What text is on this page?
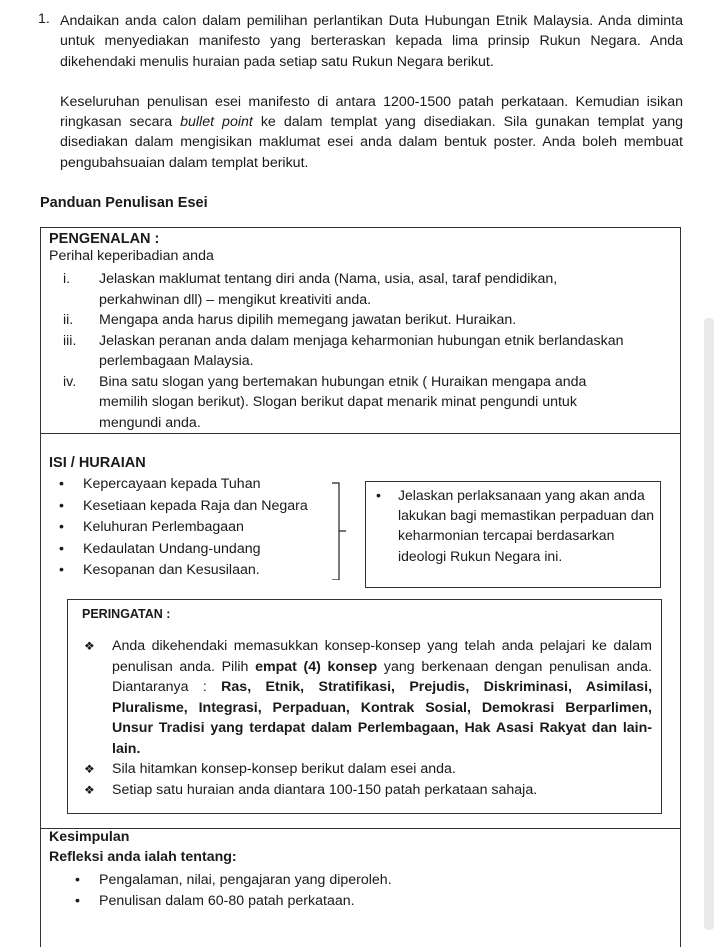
1. Andaikan anda calon dalam pemilihan perlantikan Duta Hubungan Etnik Malaysia. Anda diminta untuk menyediakan manifesto yang berteraskan kepada lima prinsip Rukun Negara. Anda dikehendaki menulis huraian pada setiap satu Rukun Negara berikut.

Keseluruhan penulisan esei manifesto di antara 1200-1500 patah perkataan. Kemudian isikan ringkasan secara bullet point ke dalam templat yang disediakan. Sila gunakan templat yang disediakan dalam mengisikan maklumat esei anda dalam bentuk poster. Anda boleh membuat pengubahsuaian dalam templat berikut.

Panduan Penulisan Esei
PENGENALAN :
Perihal keperibadian anda
i.	Jelaskan maklumat tentang diri anda (Nama, usia, asal, taraf pendidikan,
perkahwinan dll) – mengikut kreativiti anda.
ii.	Mengapa anda harus dipilih memegang jawatan berikut. Huraikan.
iii.	Jelaskan peranan anda dalam menjaga keharmonian hubungan etnik berlandaskan
perlembagaan Malaysia.
iv.	Bina satu slogan yang bertemakan hubungan etnik ( Huraikan mengapa anda
memilih slogan berikut). Slogan berikut dapat menarik minat pengundi untuk
mengundi anda.
ISI / HURAIAN
• Kepercayaan kepada Tuhan
• Kesetiaan kepada Raja dan Negara
• Keluhuran Perlembagaan
• Kedaulatan Undang-undang
• Kesopanan dan Kesusilaan.
• Jelaskan perlaksanaan yang akan anda lakukan bagi memastikan perpaduan dan keharmonian tercapai berdasarkan ideologi Rukun Negara ini.
PERINGATAN :
❖ Anda dikehendaki memasukkan konsep-konsep yang telah anda pelajari ke dalam penulisan anda. Pilih empat (4) konsep yang berkenaan dengan penulisan anda. Diantaranya : Ras, Etnik, Stratifikasi, Prejudis, Diskriminasi, Asimilasi, Pluralisme, Integrasi, Perpaduan, Kontrak Sosial, Demokrasi Berparlimen, Unsur Tradisi yang terdapat dalam Perlembagaan, Hak Asasi Rakyat dan lain-lain.
❖ Sila hitamkan konsep-konsep berikut dalam esei anda.
❖ Setiap satu huraian anda diantara 100-150 patah perkataan sahaja.
Kesimpulan
Refleksi anda ialah tentang:
• Pengalaman, nilai, pengajaran yang diperoleh.
• Penulisan dalam 60-80 patah perkataan.
